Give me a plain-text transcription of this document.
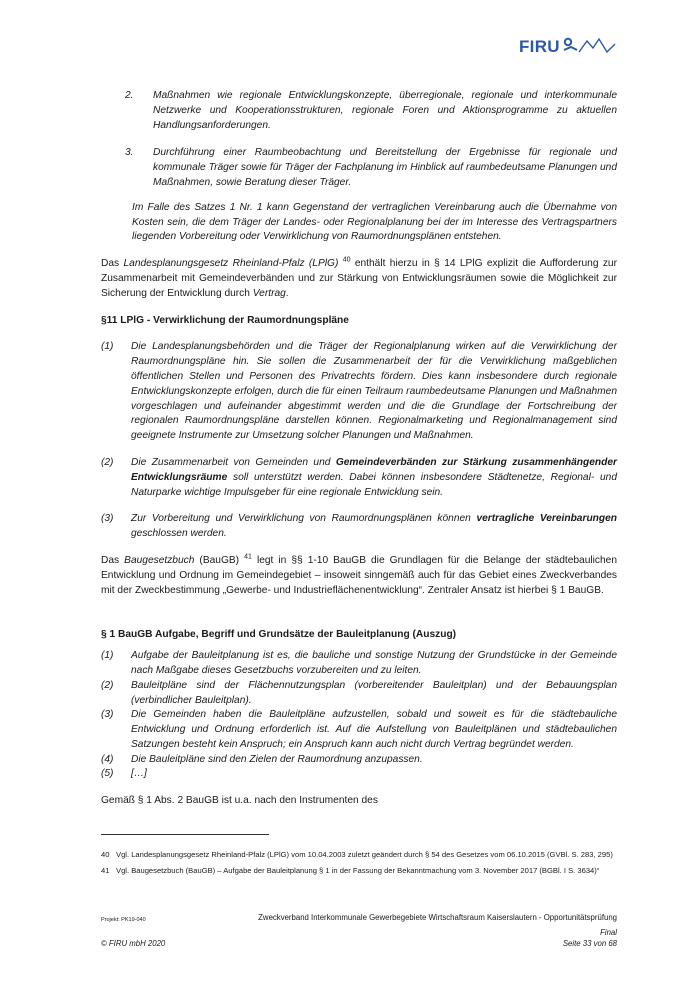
FIRU
2.	Maßnahmen wie regionale Entwicklungskonzepte, überregionale, regionale und interkommunale Netzwerke und Kooperationsstrukturen, regionale Foren und Aktionsprogramme zu aktuellen Handlungsanforderungen.
3.	Durchführung einer Raumbeobachtung und Bereitstellung der Ergebnisse für regionale und kommunale Träger sowie für Träger der Fachplanung im Hinblick auf raumbedeutsame Planungen und Maßnahmen, sowie Beratung dieser Träger.
Im Falle des Satzes 1 Nr. 1 kann Gegenstand der vertraglichen Vereinbarung auch die Übernahme von Kosten sein, die dem Träger der Landes- oder Regionalplanung bei der im Interesse des Vertragspartners liegenden Vorbereitung oder Verwirklichung von Raumordnungsplänen entstehen.
Das Landesplanungsgesetz Rheinland-Pfalz (LPlG) $^{40}$ enthält hierzu in § 14 LPlG explizit die Aufforderung zur Zusammenarbeit mit Gemeindeverbänden und zur Stärkung von Entwicklungsräumen sowie die Möglichkeit zur Sicherung der Entwicklung durch Vertrag.
§11 LPlG - Verwirklichung der Raumordnungspläne
(1)	Die Landesplanungsbehörden und die Träger der Regionalplanung wirken auf die Verwirklichung der Raumordnungspläne hin. Sie sollen die Zusammenarbeit der für die Verwirklichung maßgeblichen öffentlichen Stellen und Personen des Privatrechts fördern. Dies kann insbesondere durch regionale Entwicklungskonzepte erfolgen, durch die für einen Teilraum raumbedeutsame Planungen und Maßnahmen vorgeschlagen und aufeinander abgestimmt werden und die die Grundlage der Fortschreibung der regionalen Raumordnungspläne darstellen können. Regionalmarketing und Regionalmanagement sind geeignete Instrumente zur Umsetzung solcher Planungen und Maßnahmen.
(2)	Die Zusammenarbeit von Gemeinden und Gemeindeverbänden zur Stärkung zusammenhängender Entwicklungsräume soll unterstützt werden. Dabei können insbesondere Städtenetze, Regional- und Naturparke wichtige Impulsgeber für eine regionale Entwicklung sein.
(3)	Zur Vorbereitung und Verwirklichung von Raumordnungsplänen können vertragliche Vereinbarungen geschlossen werden.
Das Baugesetzbuch (BauGB) $^{41}$ legt in §§ 1-10 BauGB die Grundlagen für die Belange der städtebaulichen Entwicklung und Ordnung im Gemeindegebiet – insoweit sinngemäß auch für das Gebiet eines Zweckverbandes mit der Zweckbestimmung „Gewerbe- und Industrieflächenentwicklung“. Zentraler Ansatz ist hierbei § 1 BauGB.
§ 1 BauGB Aufgabe, Begriff und Grundsätze der Bauleitplanung (Auszug)
(1)	Aufgabe der Bauleitplanung ist es, die bauliche und sonstige Nutzung der Grundstücke in der Gemeinde nach Maßgabe dieses Gesetzbuchs vorzubereiten und zu leiten.
(2)	Bauleitpläne sind der Flächennutzungsplan (vorbereitender Bauleitplan) und der Bebauungsplan (verbindlicher Bauleitplan).
(3)	Die Gemeinden haben die Bauleitpläne aufzustellen, sobald und soweit es für die städtebauliche Entwicklung und Ordnung erforderlich ist. Auf die Aufstellung von Bauleitplänen und städtebaulichen Satzungen besteht kein Anspruch; ein Anspruch kann auch nicht durch Vertrag begründet werden.
(4)	Die Bauleitpläne sind den Zielen der Raumordnung anzupassen.
(5)	[…]
Gemäß § 1 Abs. 2 BauGB ist u.a. nach den Instrumenten des
40 Vgl. Landesplanungsgesetz Rheinland-Pfalz (LPlG) vom 10.04.2003 zuletzt geändert durch § 54 des Gesetzes vom 06.10.2015 (GVBl. S. 283, 295)
41 Vgl. Baugesetzbuch (BauGB) – Aufgabe der Bauleitplanung § 1 in der Fassung der Bekanntmachung vom 3. November 2017 (BGBl. I S. 3634)“
Projekt: PK19-040	Zweckverband Interkommunale Gewerbegebiete Wirtschaftsraum Kaiserslautern - Opportunitätsprüfung
Final
© FIRU mbH 2020	Seite 33 von 68
